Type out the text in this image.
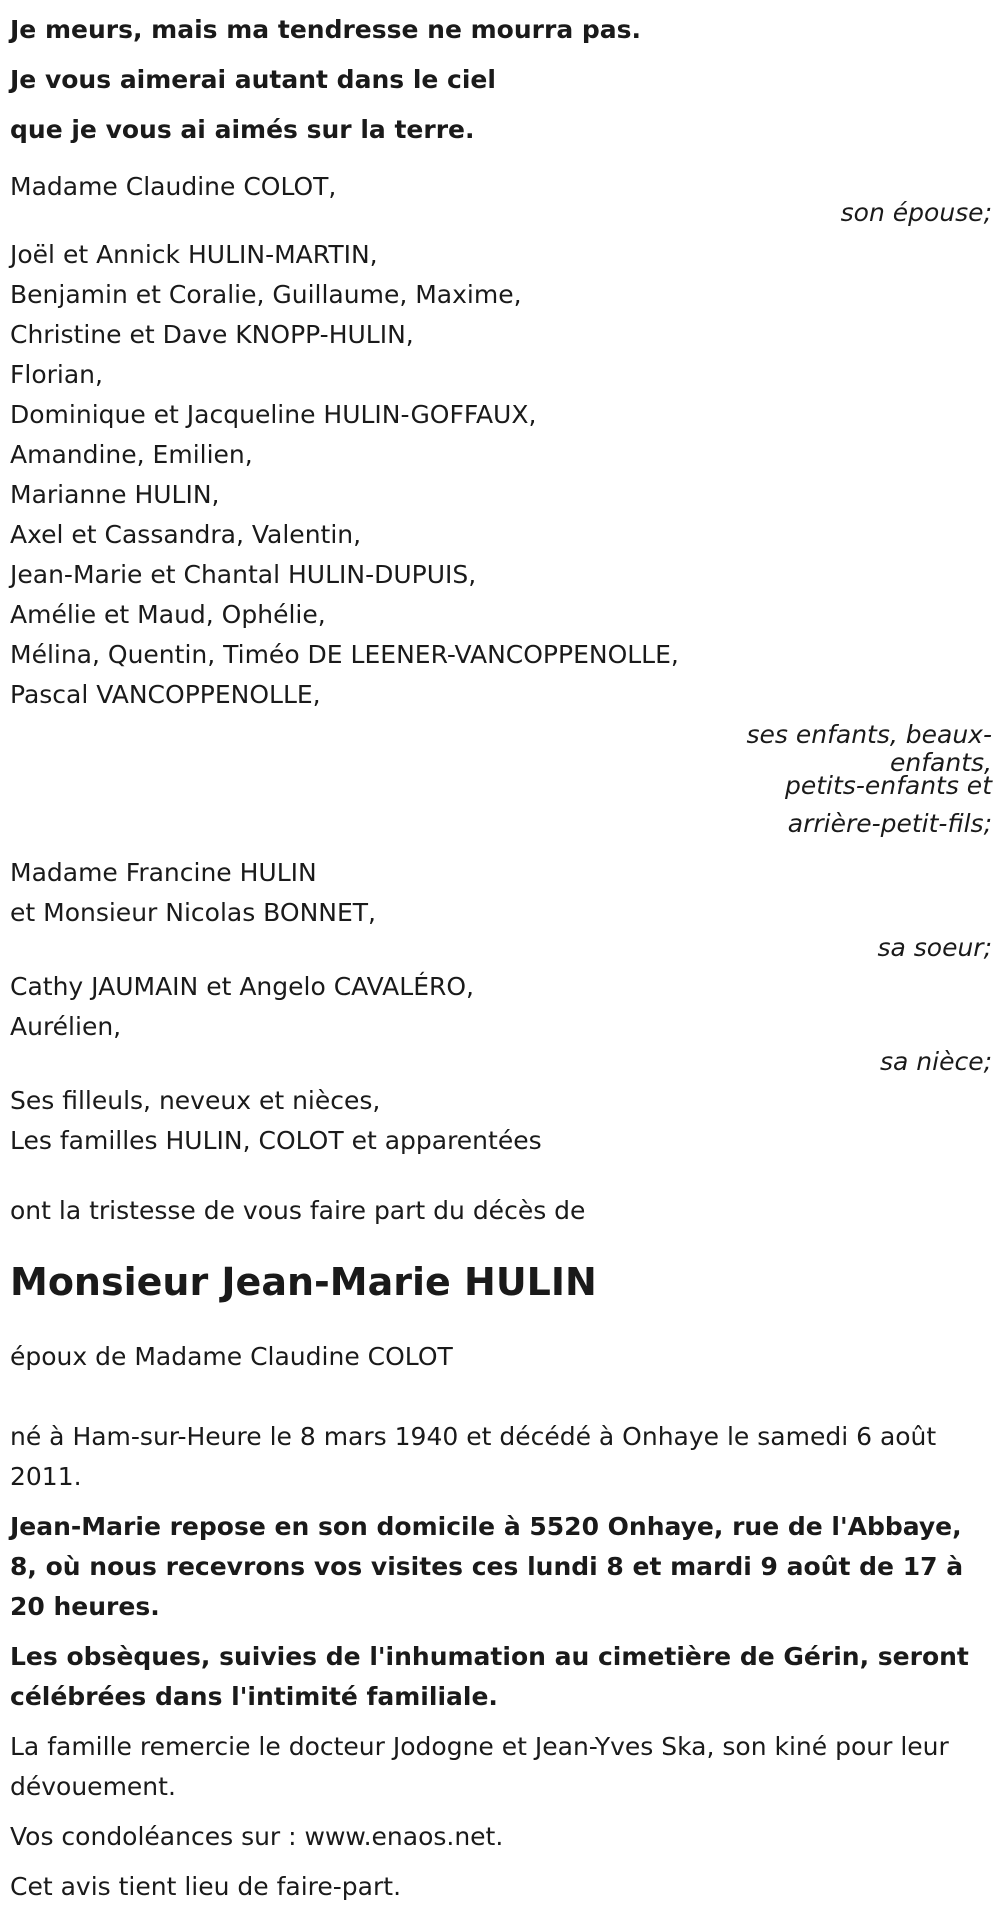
Je meurs, mais ma tendresse ne mourra pas.

Je vous aimerai autant dans le ciel

que je vous ai aimés sur la terre.

Madame Claudine COLOT,

son épouse;

Joël et Annick HULIN-MARTIN,

Benjamin et Coralie, Guillaume, Maxime,

Christine et Dave KNOPP-HULIN,

Florian,

Dominique et Jacqueline HULIN-GOFFAUX,

Amandine, Emilien,

Marianne HULIN,

Axel et Cassandra, Valentin,

Jean-Marie et Chantal HULIN-DUPUIS,

Amélie et Maud, Ophélie,

Mélina, Quentin, Timéo DE LEENER-VANCOPPENOLLE,

Pascal VANCOPPENOLLE,

ses enfants, beaux-
enfants,
petits-enfants et
arrière-petit-fils;

Madame Francine HULIN

et Monsieur Nicolas BONNET,

sa soeur;

Cathy JAUMAIN et Angelo CAVALÉRO,

Aurélien,

sa nièce;

Ses filleuls, neveux et nièces,

Les familles HULIN, COLOT et apparentées

ont la tristesse de vous faire part du décès de

Monsieur Jean-Marie HULIN

époux de Madame Claudine COLOT

né à Ham-sur-Heure le 8 mars 1940 et décédé à Onhaye le samedi 6 août 2011.

Jean-Marie repose en son domicile à 5520 Onhaye, rue de l'Abbaye, 8, où nous recevrons vos visites ces lundi 8 et mardi 9 août de 17 à 20 heures.

Les obsèques, suivies de l'inhumation au cimetière de Gérin, seront célébrées dans l'intimité familiale.

La famille remercie le docteur Jodogne et Jean-Yves Ska, son kiné pour leur dévouement.

Vos condoléances sur : www.enaos.net.

Cet avis tient lieu de faire-part.
